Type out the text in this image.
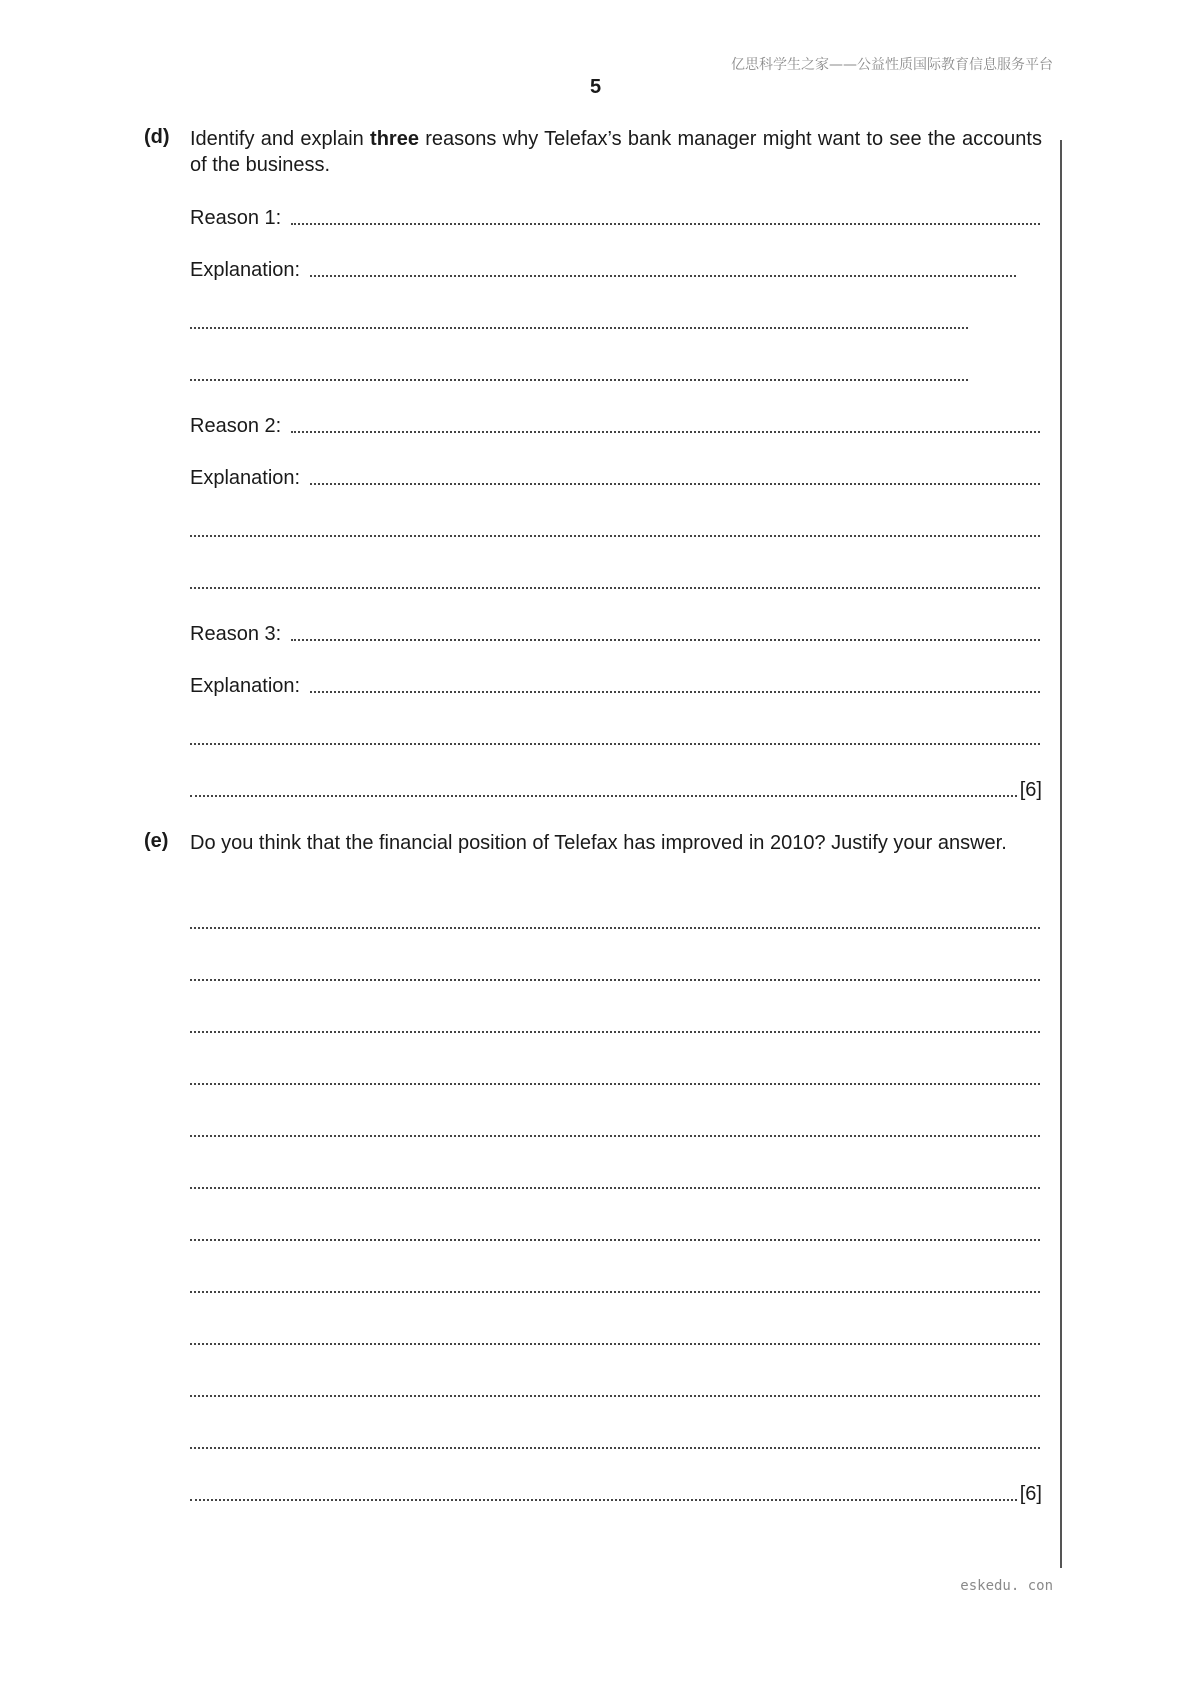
亿思科学生之家——公益性质国际教育信息服务平台
5
(d) Identify and explain three reasons why Telefax’s bank manager might want to see the accounts of the business.
Reason 1:
Explanation:
Reason 2:
Explanation:
Reason 3:
Explanation:
[6]
(e) Do you think that the financial position of Telefax has improved in 2010? Justify your answer.
[6]
eskedu. con
